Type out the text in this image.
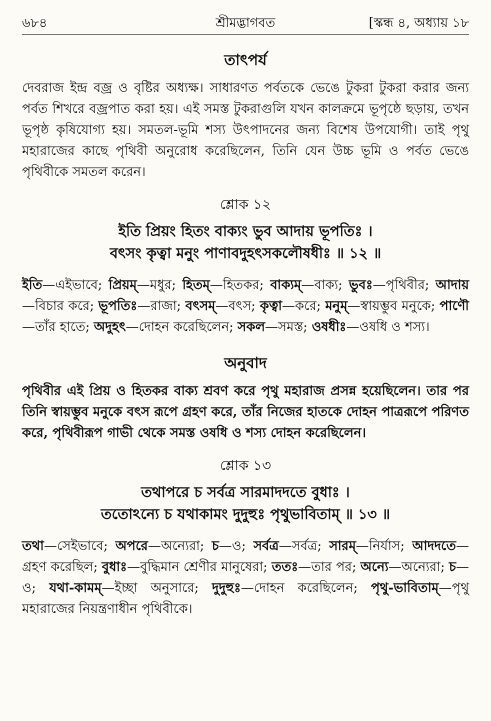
৬৮৪	শ্রীমদ্ভাগবত	[স্কন্ধ ৪, অধ্যায় ১৮
তাৎপর্য

দেবরাজ ইন্দ্র বজ্র ও বৃষ্টির অধ্যক্ষ। সাধারণত পর্বতকে ভেঙে টুকরা টুকরা করার জন্য পর্বত শিখরে বজ্রপাত করা হয়। এই সমস্ত টুকরাগুলি যখন কালক্রমে ভূপৃষ্ঠে ছড়ায়, তখন ভূপৃষ্ঠ কৃষিযোগ্য হয়। সমতল-ভূমি শস্য উৎপাদনের জন্য বিশেষ উপযোগী। তাই পৃথু মহারাজের কাছে পৃথিবী অনুরোধ করেছিলেন, তিনি যেন উচ্চ ভূমি ও পর্বত ভেঙে পৃথিবীকে সমতল করেন।

শ্লোক ১২

ইতি প্রিয়ং হিতং বাক্যং ভুব আদায় ভূপতিঃ ।

বৎসং কৃত্বা মনুং পাণাবদুহৎসকলৌষধীঃ ॥ ১২ ॥

ইতি—এইভাবে; প্রিয়ম্—মধুর; হিতম্—হিতকর; বাক্যম্—বাক্য; ভুবঃ—পৃথিবীর; আদায়—বিচার করে; ভূপতিঃ—রাজা; বৎসম্—বৎস; কৃত্বা—করে; মনুম্—স্বায়ম্ভুব মনুকে; পাণৌ—তাঁর হাতে; অদুহৎ—দোহন করেছিলেন; সকল—সমস্ত; ওষধীঃ—ওষধি ও শস্য।

অনুবাদ

পৃথিবীর এই প্রিয় ও হিতকর বাক্য শ্রবণ করে পৃথু মহারাজ প্রসন্ন হয়েছিলেন। তার পর তিনি স্বায়ম্ভুব মনুকে বৎস রূপে গ্রহণ করে, তাঁর নিজের হাতকে দোহন পাত্ররূপে পরিণত করে, পৃথিবীরূপ গাভী থেকে সমস্ত ওষধি ও শস্য দোহন করেছিলেন।

শ্লোক ১৩

তথাপরে চ সর্বত্র সারমাদদতে বুধাঃ ।

ততোঽন্যে চ যথাকামং দুদুহুঃ পৃথুভাবিতাম্ ॥ ১৩ ॥

তথা—সেইভাবে; অপরে—অন্যেরা; চ—ও; সর্বত্র—সর্বত্র; সারম্—নির্যাস; আদদতে—গ্রহণ করেছিল; বুধাঃ—বুদ্ধিমান শ্রেণীর মানুষেরা; ততঃ—তার পর; অন্যে—অন্যেরা; চ—ও; যথা-কামম্—ইচ্ছা অনুসারে; দুদুহুঃ—দোহন করেছিলেন; পৃথু-ভাবিতাম্—পৃথু মহারাজের নিয়ন্ত্রণাধীন পৃথিবীকে।
